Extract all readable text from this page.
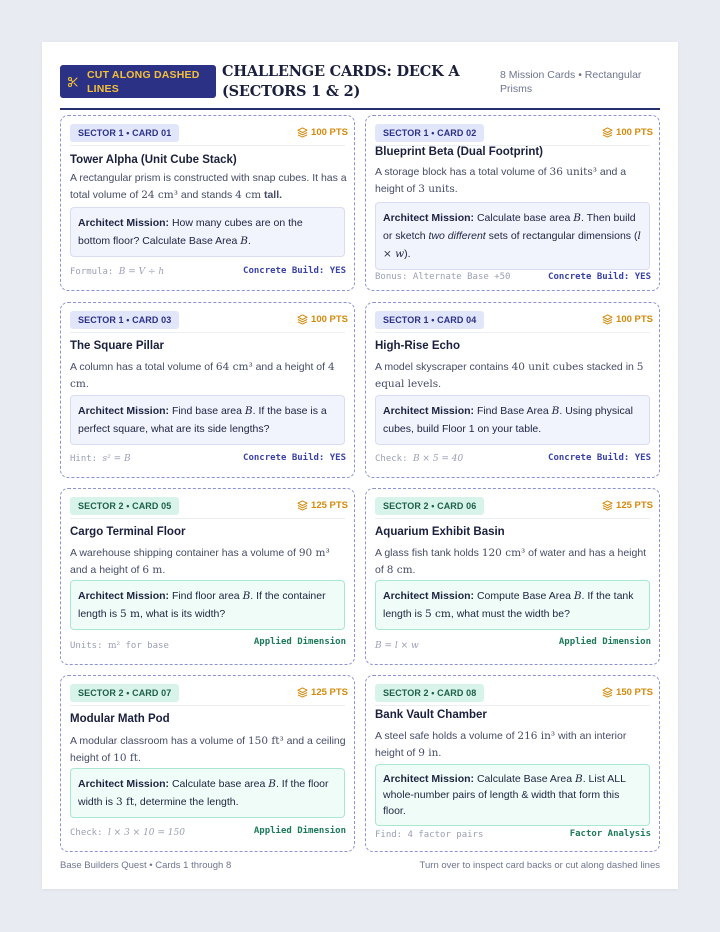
CUT ALONG DASHED LINES
CHALLENGE CARDS: DECK A (SECTORS 1 & 2)
8 Mission Cards • Rectangular Prisms
SECTOR 1 • CARD 01	100 PTS
Tower Alpha (Unit Cube Stack)
A rectangular prism is constructed with snap cubes. It has a total volume of 24 cm³ and stands 4 cm tall.
Architect Mission: How many cubes are on the bottom floor? Calculate Base Area B.
Formula: B = V ÷ h	Concrete Build: YES
SECTOR 1 • CARD 02	100 PTS
Blueprint Beta (Dual Footprint)
A storage block has a total volume of 36 units³ and a height of 3 units.
Architect Mission: Calculate base area B. Then build or sketch two different sets of rectangular dimensions (l × w).
Bonus: Alternate Base +50	Concrete Build: YES
SECTOR 1 • CARD 03	100 PTS
The Square Pillar
A column has a total volume of 64 cm³ and a height of 4 cm.
Architect Mission: Find base area B. If the base is a perfect square, what are its side lengths?
Hint: s² = B	Concrete Build: YES
SECTOR 1 • CARD 04	100 PTS
High-Rise Echo
A model skyscraper contains 40 unit cubes stacked in 5 equal levels.
Architect Mission: Find Base Area B. Using physical cubes, build Floor 1 on your table.
Check: B × 5 = 40	Concrete Build: YES
SECTOR 2 • CARD 05	125 PTS
Cargo Terminal Floor
A warehouse shipping container has a volume of 90 m³ and a height of 6 m.
Architect Mission: Find floor area B. If the container length is 5 m, what is its width?
Units: m² for base	Applied Dimension
SECTOR 2 • CARD 06	125 PTS
Aquarium Exhibit Basin
A glass fish tank holds 120 cm³ of water and has a height of 8 cm.
Architect Mission: Compute Base Area B. If the tank length is 5 cm, what must the width be?
B = l × w	Applied Dimension
SECTOR 2 • CARD 07	125 PTS
Modular Math Pod
A modular classroom has a volume of 150 ft³ and a ceiling height of 10 ft.
Architect Mission: Calculate base area B. If the floor width is 3 ft, determine the length.
Check: l × 3 × 10 = 150	Applied Dimension
SECTOR 2 • CARD 08	150 PTS
Bank Vault Chamber
A steel safe holds a volume of 216 in³ with an interior height of 9 in.
Architect Mission: Calculate Base Area B. List ALL whole-number pairs of length & width that form this floor.
Find: 4 factor pairs	Factor Analysis
Base Builders Quest • Cards 1 through 8	Turn over to inspect card backs or cut along dashed lines
